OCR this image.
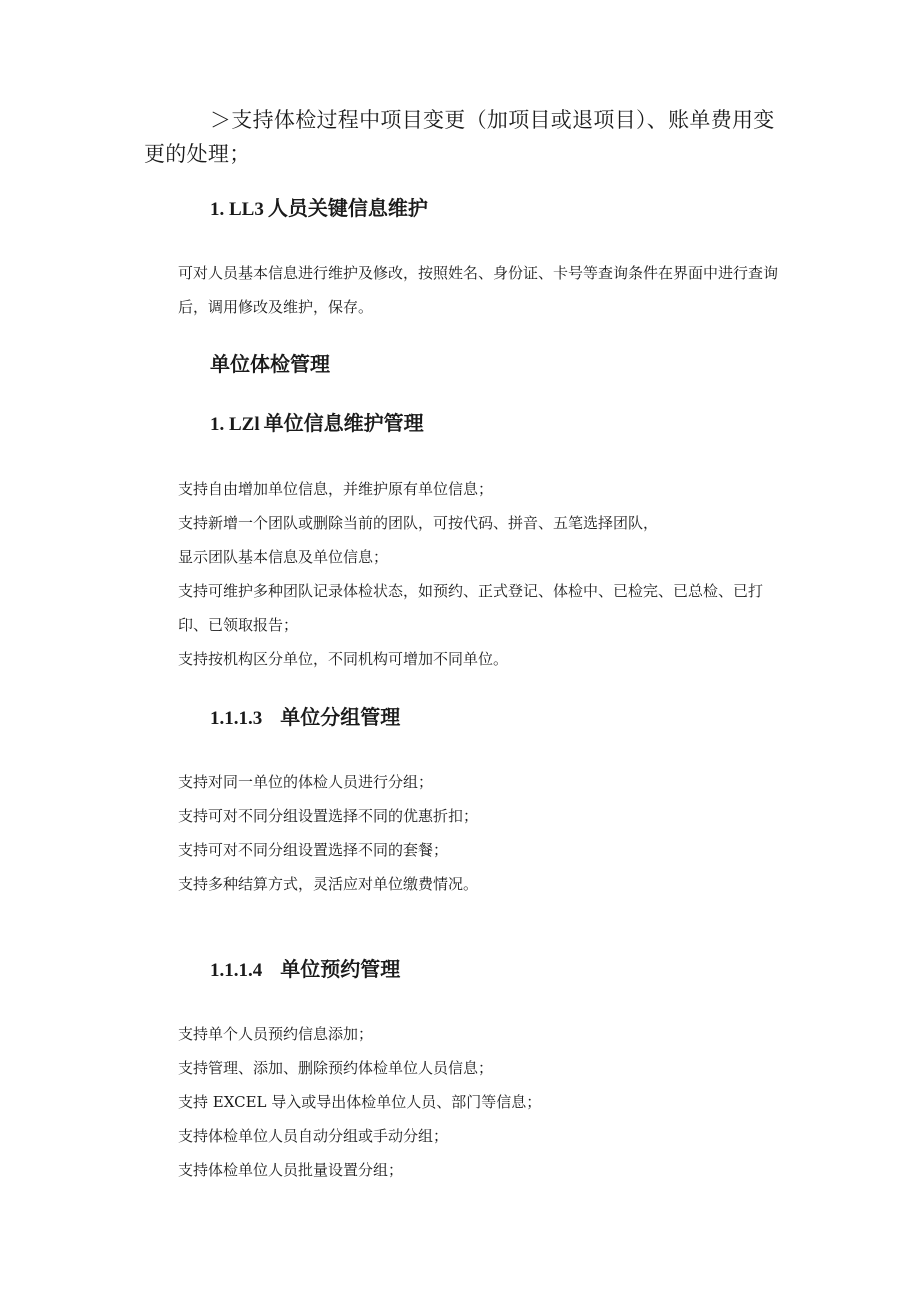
＞支持体检过程中项目变更（加项目或退项目）、账单费用变更的处理；

1. LL3 人员关键信息维护

可对人员基本信息进行维护及修改，按照姓名、身份证、卡号等查询条件在界面中进行查询后，调用修改及维护，保存。

单位体检管理
1. LZl 单位信息维护管理
支持自由增加单位信息，并维护原有单位信息；
支持新增一个团队或删除当前的团队，可按代码、拼音、五笔选择团队，
显示团队基本信息及单位信息；
支持可维护多种团队记录体检状态，如预约、正式登记、体检中、已检完、已总检、已打印、已领取报告；
支持按机构区分单位，不同机构可增加不同单位。
1.1.1.3 单位分组管理
支持对同一单位的体检人员进行分组；
支持可对不同分组设置选择不同的优惠折扣；
支持可对不同分组设置选择不同的套餐；
支持多种结算方式，灵活应对单位缴费情况。
1.1.1.4 单位预约管理
支持单个人员预约信息添加；
支持管理、添加、删除预约体检单位人员信息；
支持 EXCEL 导入或导出体检单位人员、部门等信息；
支持体检单位人员自动分组或手动分组；
支持体检单位人员批量设置分组；
